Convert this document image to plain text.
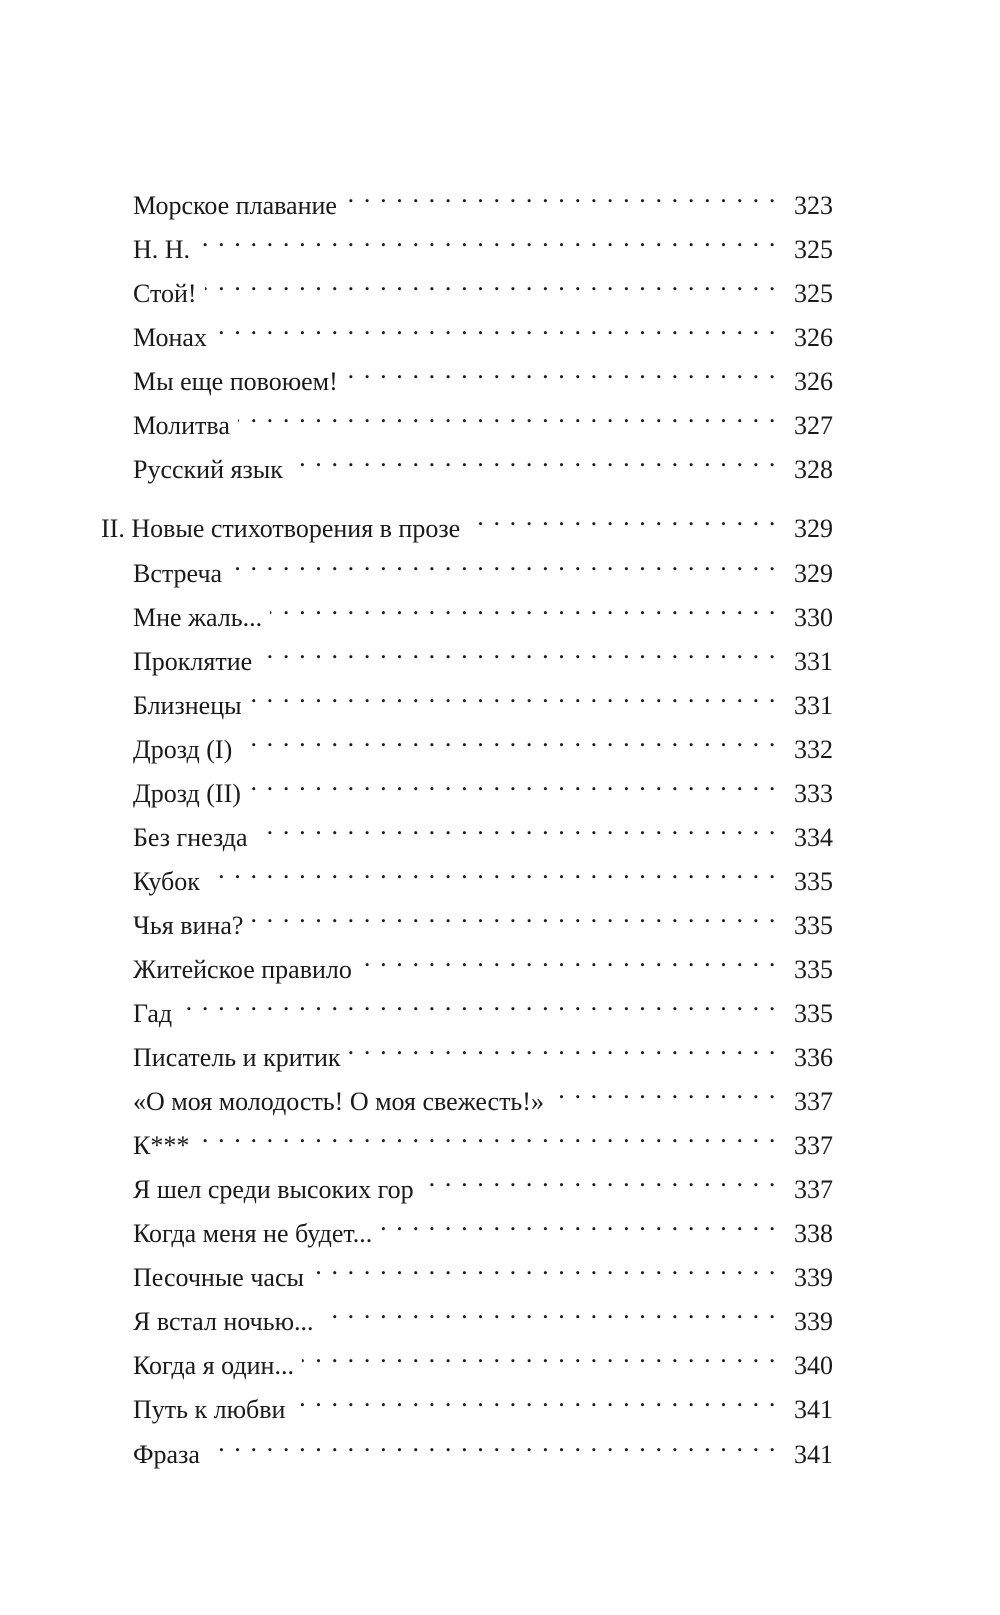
Морское плавание . . .	323
Н. Н. . . .	325
Стой! . . .	325
Монах . . .	326
Мы еще повоюем! . . .	326
Молитва . . .	327
Русский язык . . .	328
II. Новые стихотворения в прозе . . .	329
Встреча . . .	329
Мне жаль... . . .	330
Проклятие . . .	331
Близнецы . . .	331
Дрозд (I) . . .	332
Дрозд (II) . . .	333
Без гнезда . . .	334
Кубок . . .	335
Чья вина? . . .	335
Житейское правило . . .	335
Гад . . .	335
Писатель и критик . . .	336
«О моя молодость! О моя свежесть!» . . .	337
К*** . . .	337
Я шел среди высоких гор . . .	337
Когда меня не будет... . . .	338
Песочные часы . . .	339
Я встал ночью... . . .	339
Когда я один... . . .	340
Путь к любви . . .	341
Фраза . . .	341
